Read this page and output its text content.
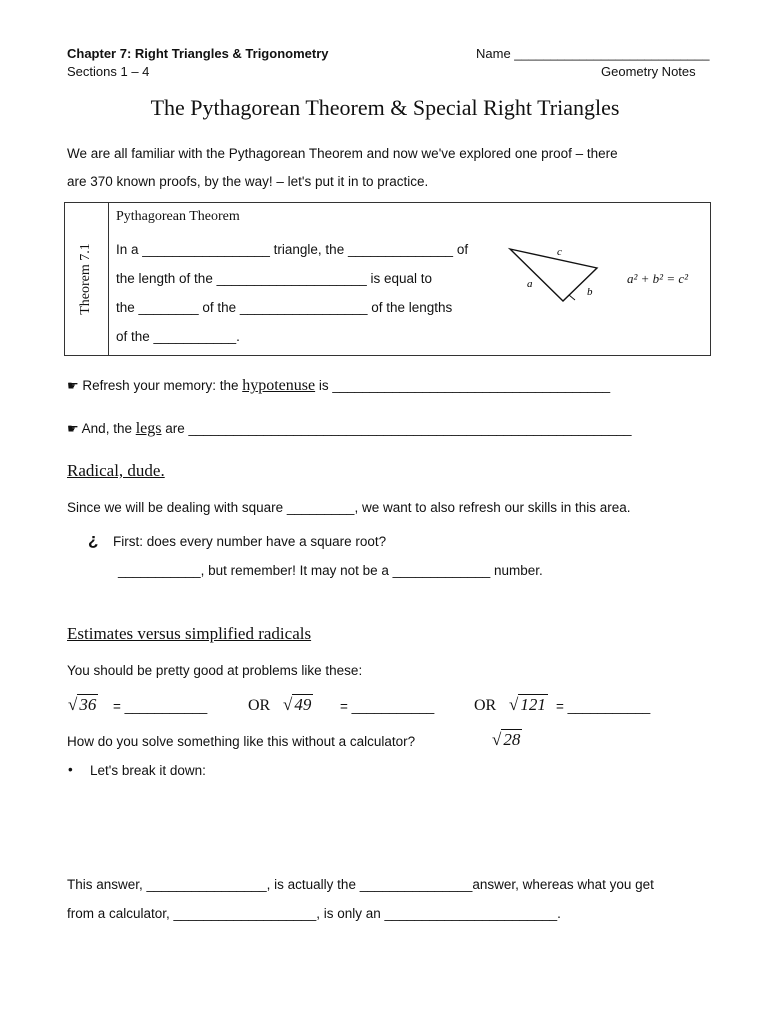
Chapter 7: Right Triangles & Trigonometry
Sections 1 – 4
Name ___________________________
Geometry Notes
The Pythagorean Theorem & Special Right Triangles
We are all familiar with the Pythagorean Theorem and now we've explored one proof – there
are 370 known proofs, by the way! – let's put it in to practice.
Theorem 7.1
Pythagorean Theorem
In a _________________ triangle, the ______________ of
the length of the ____________________ is equal to
the ________ of the _________________ of the lengths
of the ___________.
c
a
b
a² + b² = c²
☛ Refresh your memory: the hypotenuse is _____________________________________
☛ And, the legs are ___________________________________________________________
Radical, dude.
Since we will be dealing with square _________, we want to also refresh our skills in this area.
¿ First: does every number have a square root?
___________, but remember! It may not be a _____________ number.
Estimates versus simplified radicals
You should be pretty good at problems like these:
√ 36 = ___________	OR √ 49 = ___________ OR √ 121 = ___________
How do you solve something like this without a calculator?	√ 28
• Let's break it down:
This answer, ________________, is actually the _______________answer, whereas what you get
from a calculator, ___________________, is only an _______________________.
